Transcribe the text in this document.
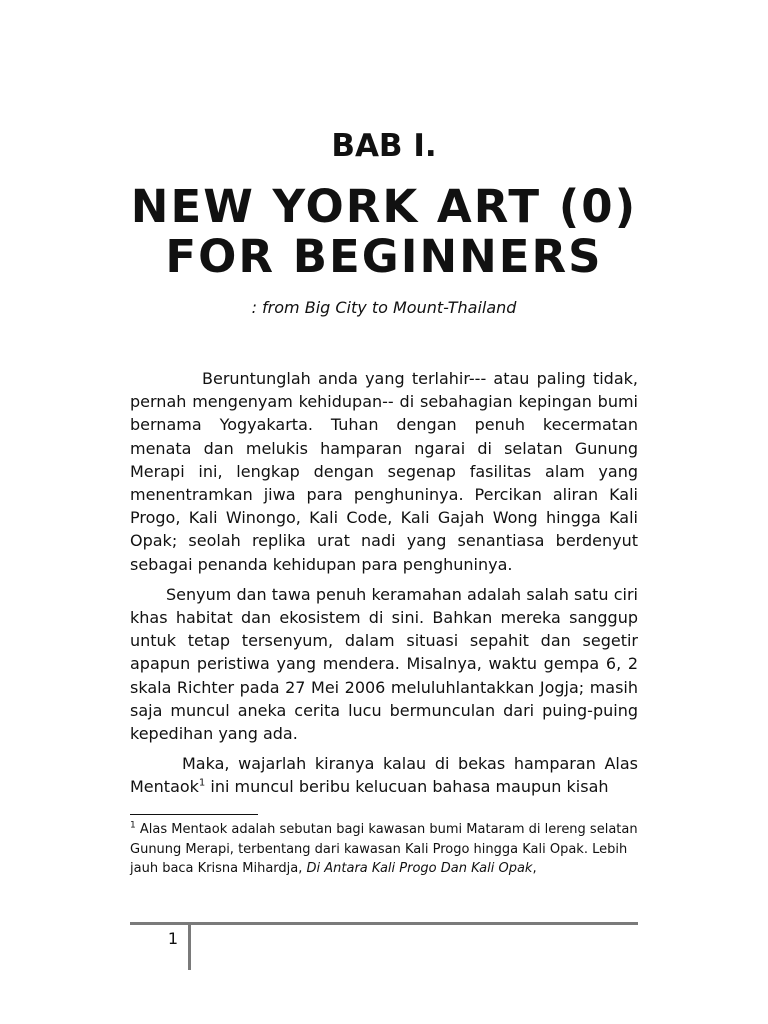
BAB I.
NEW YORK ART (0)
FOR BEGINNERS
: from Big City to Mount-Thailand

Beruntunglah anda yang terlahir--- atau paling tidak, pernah mengenyam kehidupan-- di sebahagian kepingan bumi bernama Yogyakarta. Tuhan dengan penuh kecermatan menata dan melukis hamparan ngarai di selatan Gunung Merapi ini, lengkap dengan segenap fasilitas alam yang menentramkan jiwa para penghuninya. Percikan aliran Kali Progo, Kali Winongo, Kali Code, Kali Gajah Wong hingga Kali Opak; seolah replika urat nadi yang senantiasa berdenyut sebagai penanda kehidupan para penghuninya.

Senyum dan tawa penuh keramahan adalah salah satu ciri khas habitat dan ekosistem di sini. Bahkan mereka sanggup untuk tetap tersenyum, dalam situasi sepahit dan segetir apapun peristiwa yang mendera. Misalnya, waktu gempa 6, 2 skala Richter pada 27 Mei 2006 meluluhlantakkan Jogja; masih saja muncul aneka cerita lucu bermunculan dari puing-puing kepedihan yang ada.

Maka, wajarlah kiranya kalau di bekas hamparan Alas Mentaok$^1$ ini muncul beribu kelucuan bahasa maupun kisah

$^1$ Alas Mentaok adalah sebutan bagi kawasan bumi Mataram di lereng selatan Gunung Merapi, terbentang dari kawasan Kali Progo hingga Kali Opak. Lebih jauh baca Krisna Mihardja, Di Antara Kali Progo Dan Kali Opak,
1
